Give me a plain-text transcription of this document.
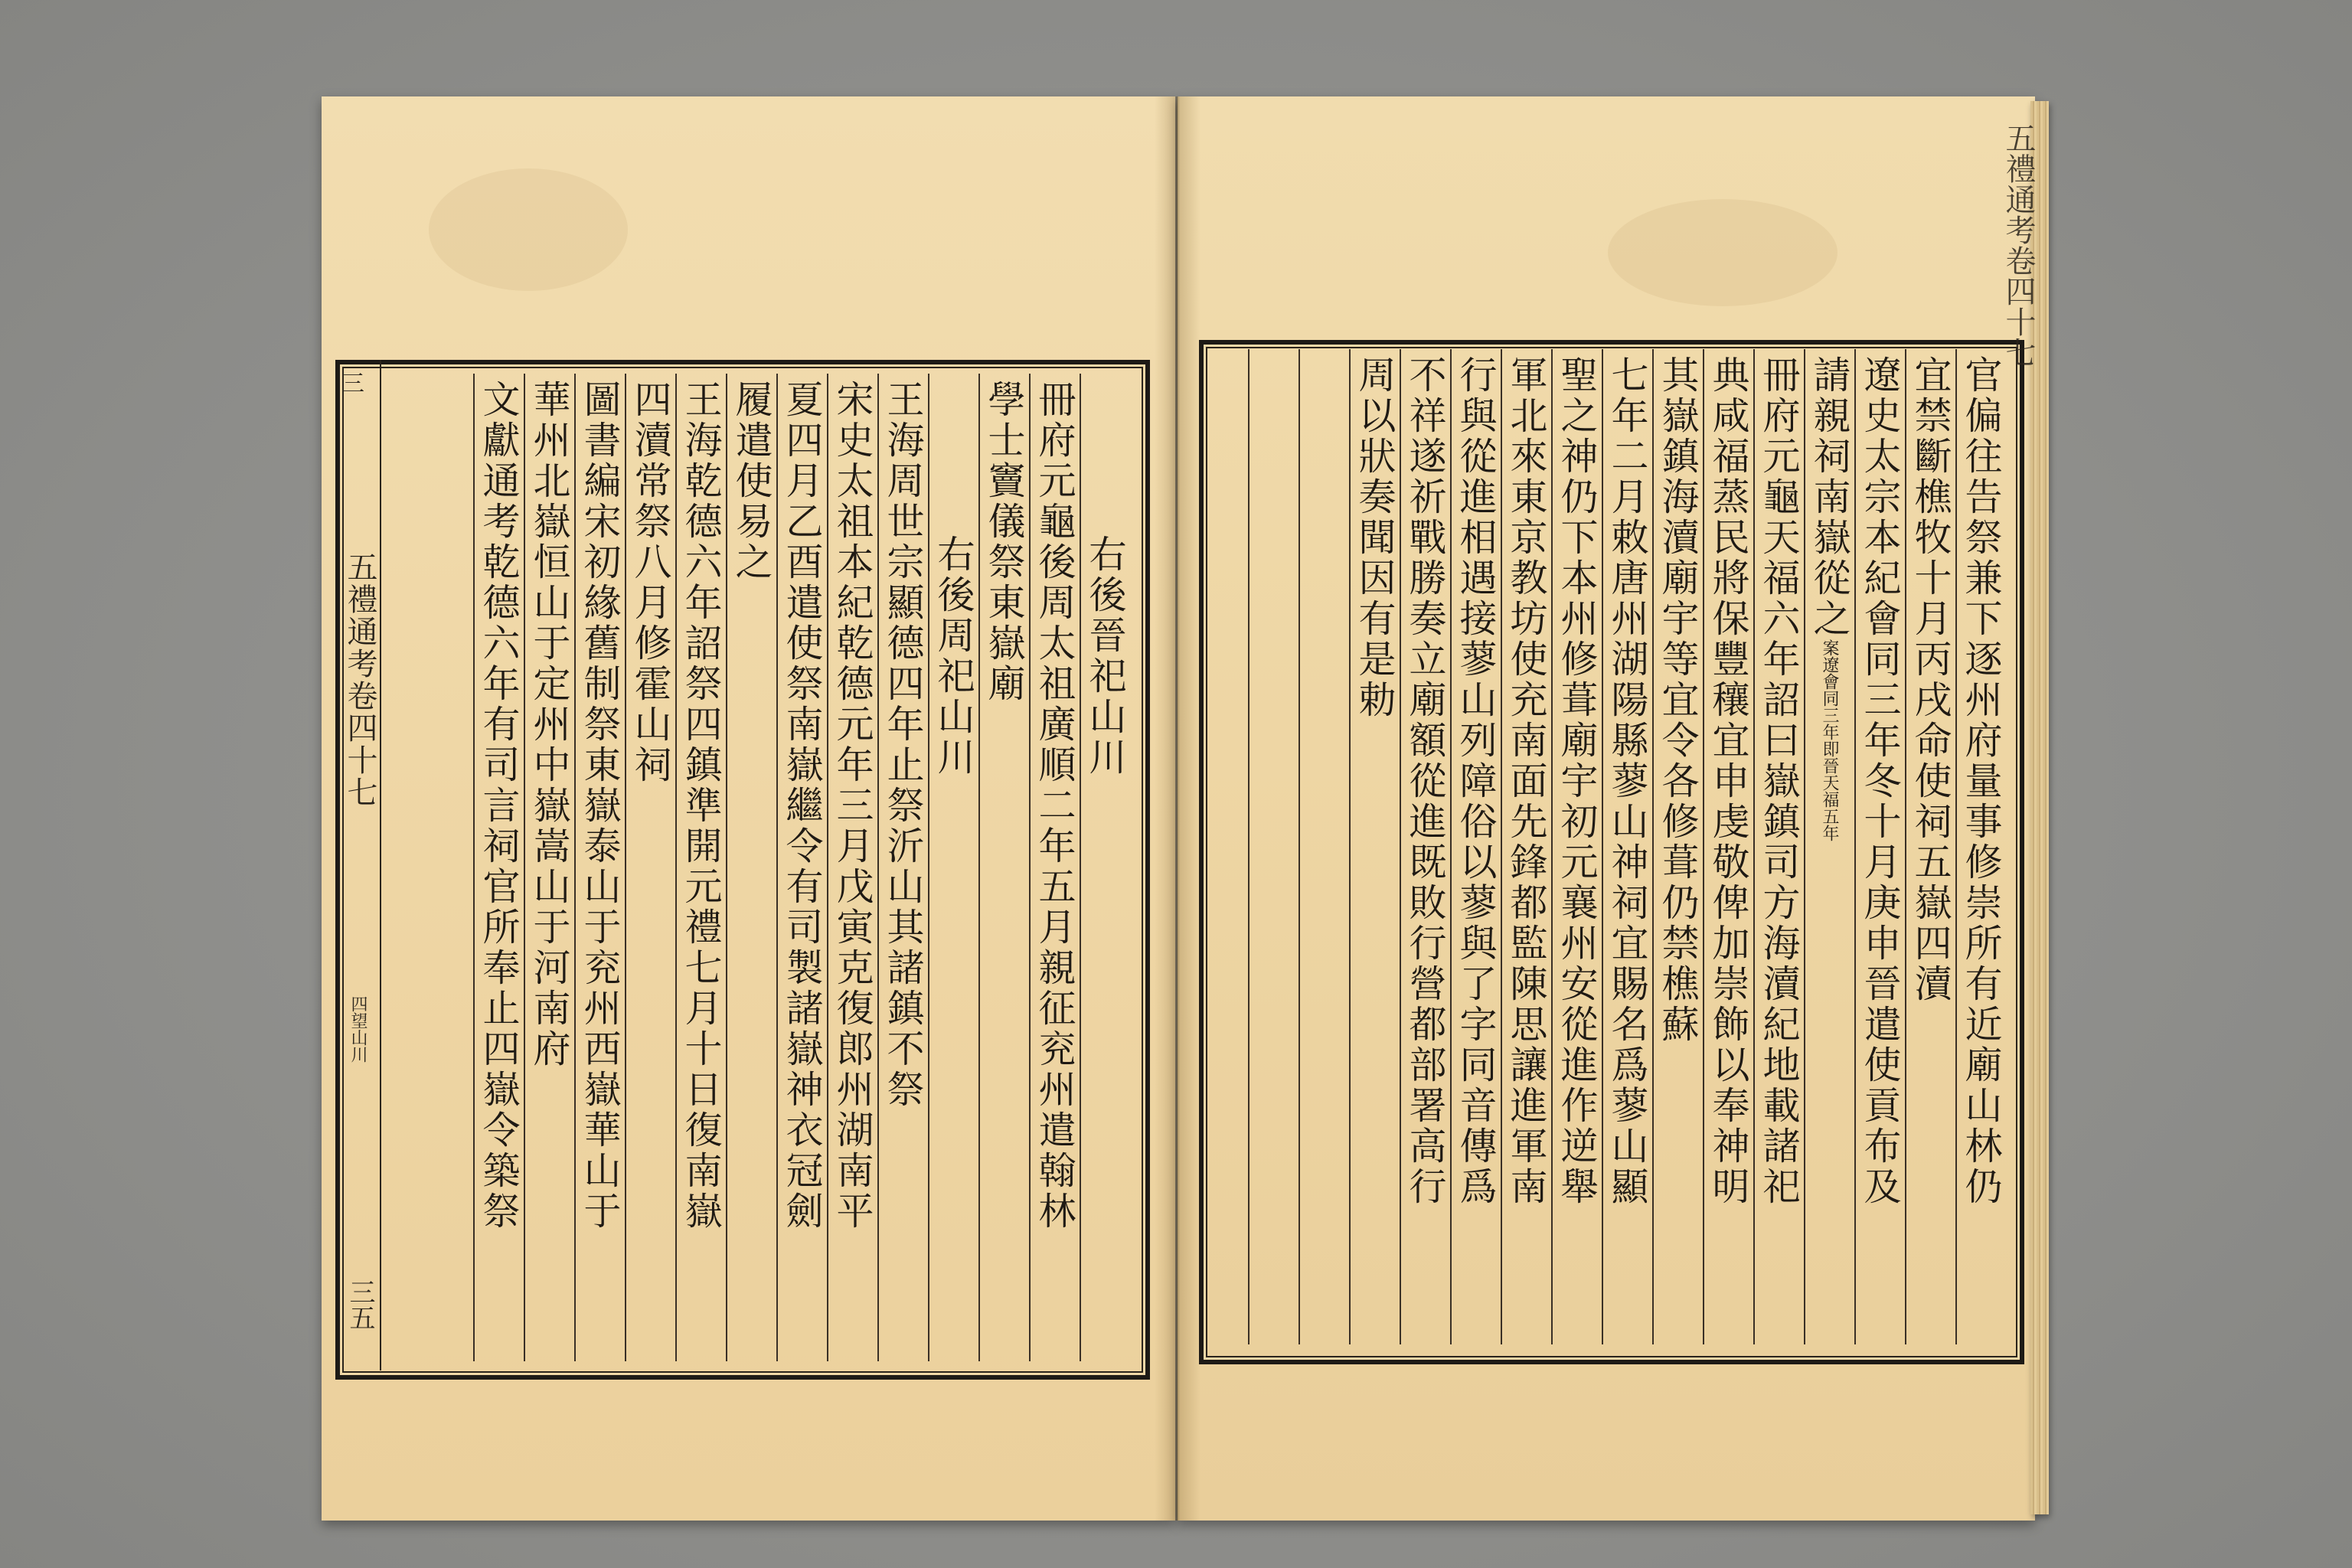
五禮通考卷四十七
四望山川
三五
三
右後晉祀山川
冊府元龜後周太祖廣順二年五月親征兖州遣翰林
學士竇儀祭東嶽廟
右後周祀山川
王海周世宗顯德四年止祭沂山其諸鎮不祭
宋史太祖本紀乾德元年三月戊寅克復郎州湖南平
夏四月乙酉遣使祭南嶽繼令有司製諸嶽神衣冠劍
履遣使易之
王海乾德六年詔祭四鎮準開元禮七月十日復南嶽
四瀆常祭八月修霍山祠
圖書編宋初緣舊制祭東嶽泰山于兖州西嶽華山于
華州北嶽恒山于定州中嶽嵩山于河南府
文獻通考乾德六年有司言祠官所奉止四嶽令築祭
五禮通考卷四十七
官偏往告祭兼下逐州府量事修崇所有近廟山林仍
宜禁斷樵牧十月丙戌命使祠五嶽四瀆
遼史太宗本紀會同三年冬十月庚申晉遣使貢布及
請親祠南嶽從之案遼會同三年即晉天福五年
冊府元龜天福六年詔曰嶽鎮司方海瀆紀地載諸祀
典咸福蒸民將保豐穰宜申虔敬俾加崇飾以奉神明
其嶽鎮海瀆廟宇等宜令各修葺仍禁樵蘇
七年二月敕唐州湖陽縣蓼山神祠宜賜名爲蓼山顯
聖之神仍下本州修葺廟宇初元襄州安從進作逆舉
軍北來東京教坊使充南面先鋒都監陳思讓進軍南
行與從進相遇接蓼山列障俗以蓼與了字同音傳爲
不祥遂祈戰勝奏立廟額從進既敗行營都部署高行
周以狀奏聞因有是勅
